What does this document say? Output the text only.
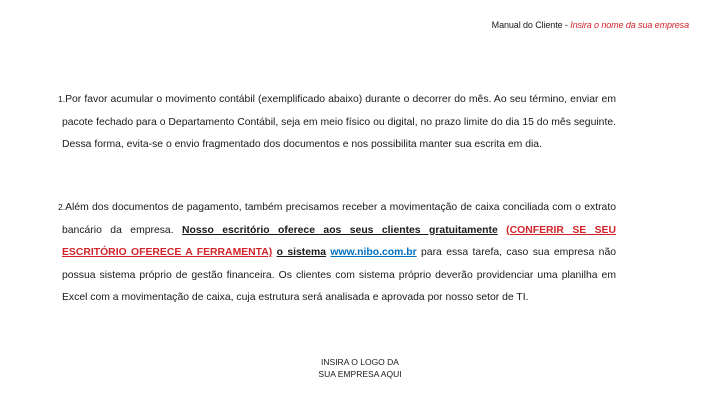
Manual do Cliente - Insira o nome da sua empresa
1.Por favor acumular o movimento contábil (exemplificado abaixo) durante o decorrer do mês. Ao seu término, enviar em pacote fechado para o Departamento Contábil, seja em meio físico ou digital, no prazo limite do dia 15 do mês seguinte. Dessa forma, evita-se o envio fragmentado dos documentos e nos possibilita manter sua escrita em dia.
2.Além dos documentos de pagamento, também precisamos receber a movimentação de caixa conciliada com o extrato bancário da empresa. Nosso escritório oferece aos seus clientes gratuitamente (CONFERIR SE SEU ESCRITÓRIO OFERECE A FERRAMENTA) o sistema www.nibo.com.br para essa tarefa, caso sua empresa não possua sistema próprio de gestão financeira. Os clientes com sistema próprio deverão providenciar uma planilha em Excel com a movimentação de caixa, cuja estrutura será analisada e aprovada por nosso setor de TI.
INSIRA O LOGO DA
SUA EMPRESA AQUI
